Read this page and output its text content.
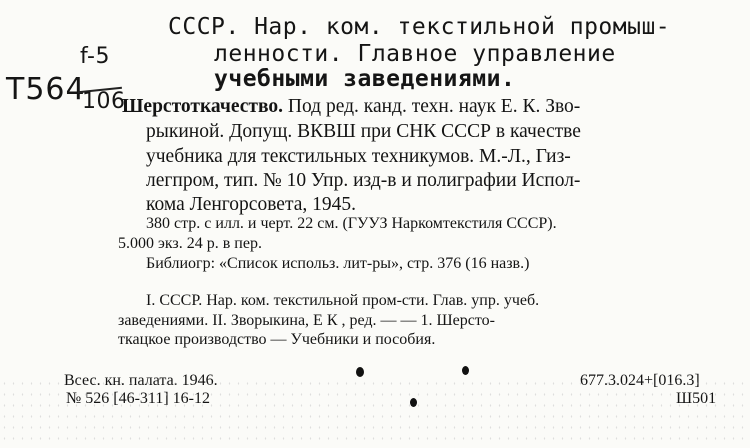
СССР. Нар. ком. текстильной промыш-
ленности. Главное управление
учебными заведениями.
f-5
Т564
106
Шерстоткачество. Под ред. канд. техн. наук Е. К. Зво-
рыкиной. Допущ. ВКВШ при СНК СССР в качестве
учебника для текстильных техникумов. М.-Л., Гиз-
легпром, тип. № 10 Упр. изд-в и полиграфии Испол-
кома Ленгорсовета, 1945.
380 стр. с илл. и черт. 22 см. (ГУУЗ Наркомтекстиля СССР).
5.000 экз. 24 р. в пер.
Библиогр: «Список использ. лит-ры», стр. 376 (16 назв.)
I. СССР. Нар. ком. текстильной пром-сти. Глав. упр. учеб.
заведениями. II. Зворыкина, Е К , ред. — — 1. Шерсто-
ткацкое производство — Учебники и пособия.
Всес. кн. палата. 1946.
№ 526 [46-311] 16-12
677.3.024+[016.3]
Ш501
